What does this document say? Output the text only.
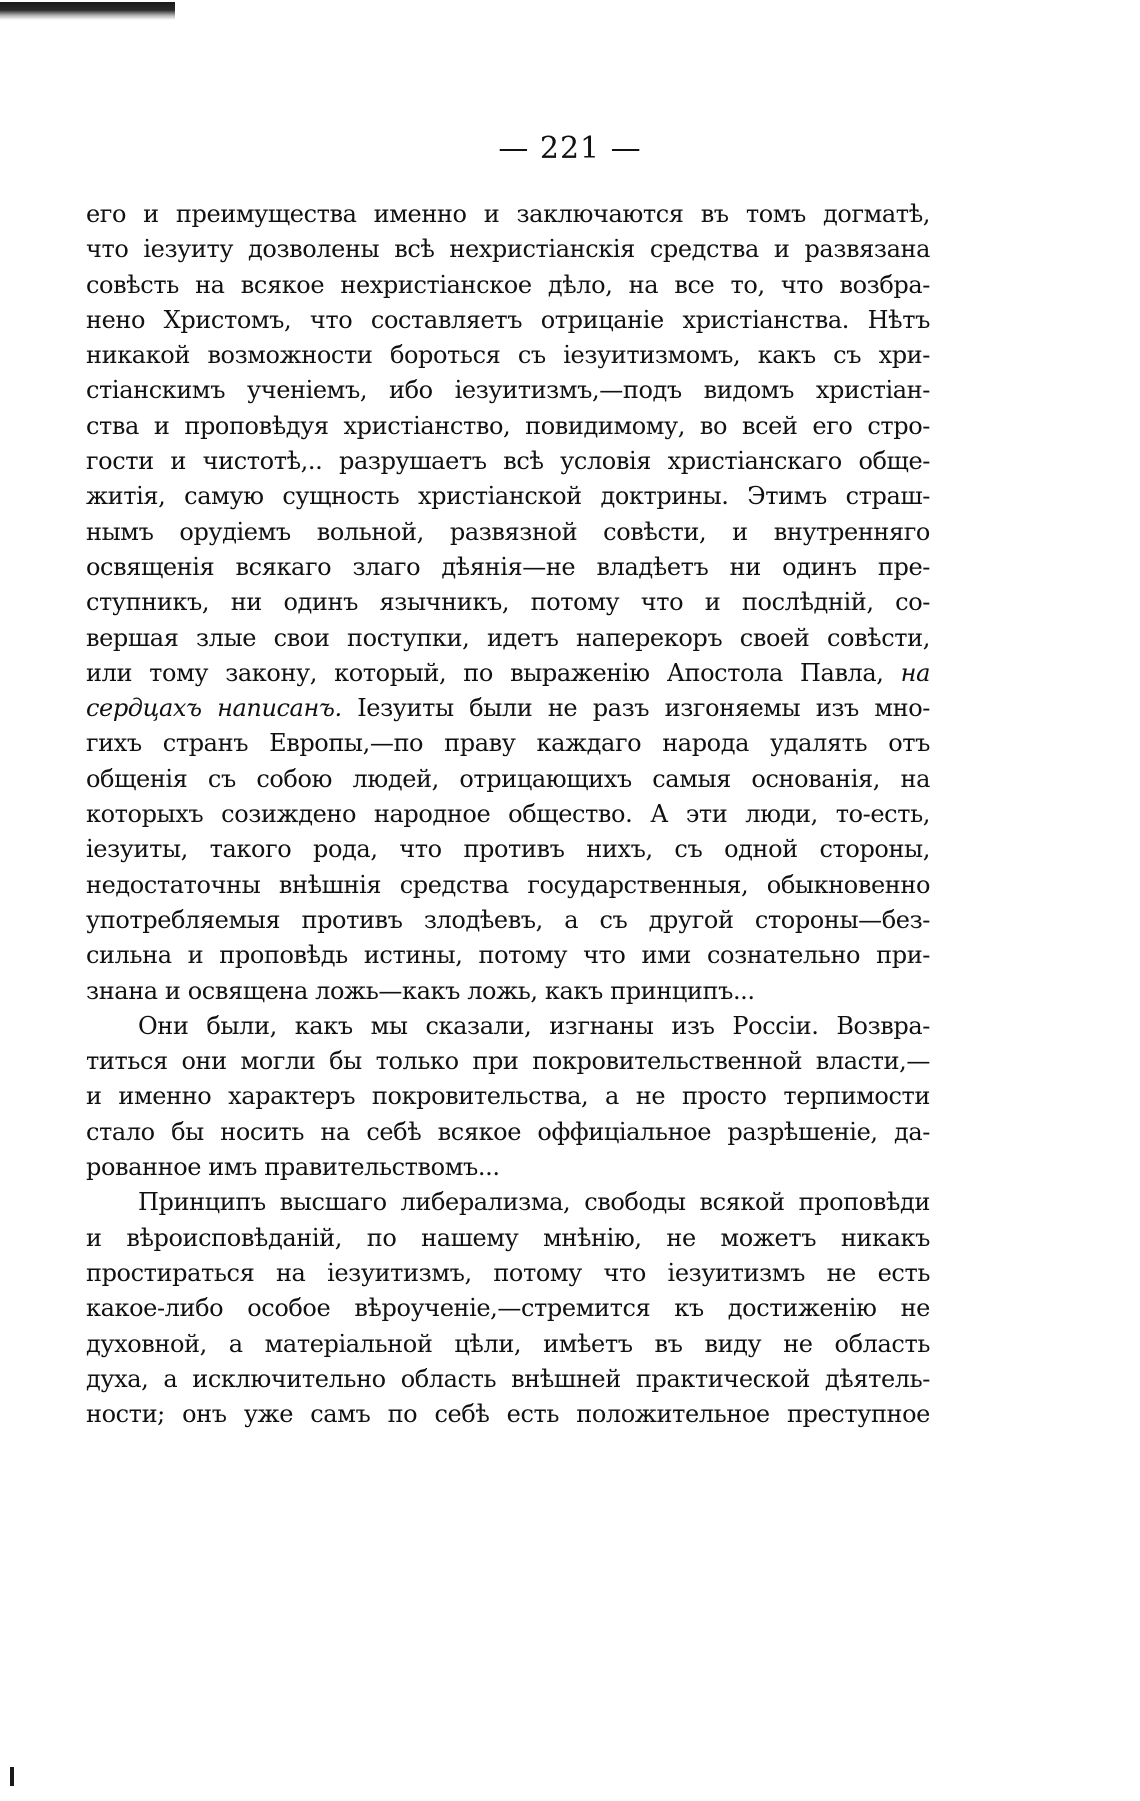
— 221 —

его и преимущества именно и заключаются въ томъ догматѣ,
что іезуиту дозволены всѣ нехристіанскія средства и развязана
совѣсть на всякое нехристіанское дѣло, на все то, что возбра-
нено Христомъ, что составляетъ отрицаніе христіанства. Нѣтъ
никакой возможности бороться съ іезуитизмомъ, какъ съ хри-
стіанскимъ ученіемъ, ибо іезуитизмъ,—подъ видомъ христіан-
ства и проповѣдуя христіанство, повидимому, во всей его стро-
гости и чистотѣ,.. разрушаетъ всѣ условія христіанскаго обще-
житія, самую сущность христіанской доктрины. Этимъ страш-
нымъ орудіемъ вольной, развязной совѣсти, и внутренняго
освященія всякаго злаго дѣянія—не владѣетъ ни одинъ пре-
ступникъ, ни одинъ язычникъ, потому что и послѣдній, со-
вершая злые свои поступки, идетъ наперекоръ своей совѣсти,
или тому закону, который, по выраженію Апостола Павла, на
сердцахъ написанъ. Іезуиты были не разъ изгоняемы изъ мно-
гихъ странъ Европы,—по праву каждаго народа удалять отъ
общенія съ собою людей, отрицающихъ самыя основанія, на
которыхъ созиждено народное общество. А эти люди, то-есть,
іезуиты, такого рода, что противъ нихъ, съ одной стороны,
недостаточны внѣшнія средства государственныя, обыкновенно
употребляемыя противъ злодѣевъ, а съ другой стороны—без-
сильна и проповѣдь истины, потому что ими сознательно при-
знана и освящена ложь—какъ ложь, какъ принципъ...

Они были, какъ мы сказали, изгнаны изъ Россіи. Возвра-
титься они могли бы только при покровительственной власти,—
и именно характеръ покровительства, а не просто терпимости
стало бы носить на себѣ всякое оффиціальное разрѣшеніе, да-
рованное имъ правительствомъ...

Принципъ высшаго либерализма, свободы всякой проповѣди
и вѣроисповѣданій, по нашему мнѣнію, не можетъ никакъ
простираться на іезуитизмъ, потому что іезуитизмъ не есть
какое-либо особое вѣроученіе,—стремится къ достиженію не
духовной, а матеріальной цѣли, имѣетъ въ виду не область
духа, а исключительно область внѣшней практической дѣятель-
ности; онъ уже самъ по себѣ есть положительное преступное
